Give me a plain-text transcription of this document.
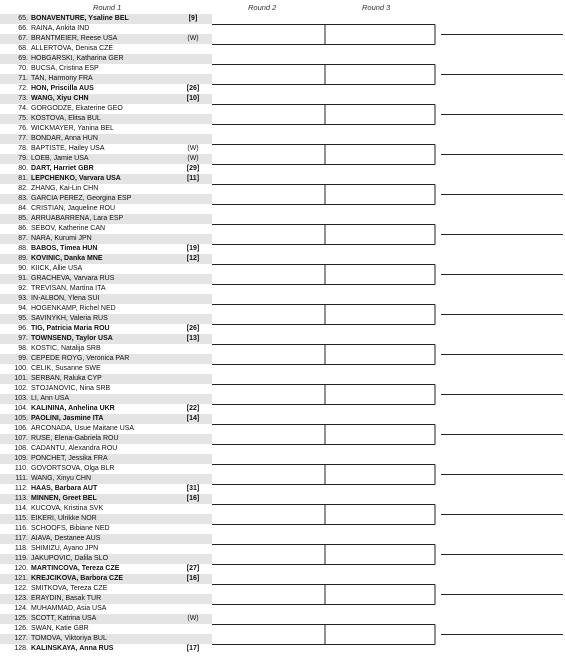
Round 1	Round 2	Round 3
65. BONAVENTURE, Ysaline BEL	[9]
66. RAINA, Ankita IND
67. BRANTMEIER, Reese USA	(W)
68. ALLERTOVA, Denisa CZE
69. HOBGARSKI, Katharina GER
70. BUCSA, Cristina ESP
71. TAN, Harmony FRA
72. HON, Priscilla AUS	[26]
73. WANG, Xiyu CHN	[10]
74. GORGODZE, Ekaterine GEO
75. KOSTOVA, Elitsa BUL
76. WICKMAYER, Yanina BEL
77. BONDAR, Anna HUN
78. BAPTISTE, Hailey USA	(W)
79. LOEB, Jamie USA	(W)
80. DART, Harriet GBR	[29]
81. LEPCHENKO, Varvara USA	[11]
82. ZHANG, Kai-Lin CHN
83. GARCIA PEREZ, Georgina ESP
84. CRISTIAN, Jaqueline ROU
85. ARRUABARRENA, Lara ESP
86. SEBOV, Katherine CAN
87. NARA, Kurumi JPN
88. BABOS, Timea HUN	[19]
89. KOVINIC, Danka MNE	[12]
90. KIICK, Allie USA
91. GRACHEVA, Varvara RUS
92. TREVISAN, Martina ITA
93. IN-ALBON, Ylena SUI
94. HOGENKAMP, Richel NED
95. SAVINYKH, Valeria RUS
96. TIG, Patricia Maria ROU	[26]
97. TOWNSEND, Taylor USA	[13]
98. KOSTIC, Natalija SRB
99. CEPEDE ROYG, Veronica PAR
100. CELIK, Susanne SWE
101. SERBAN, Raluka CYP
102. STOJANOVIC, Nina SRB
103. LI, Ann USA
104. KALININA, Anhelina UKR	[22]
105. PAOLINI, Jasmine ITA	[14]
106. ARCONADA, Usue Maitane USA
107. RUSE, Elena-Gabriela ROU
108. CADANTU, Alexandra ROU
109. PONCHET, Jessika FRA
110. GOVORTSOVA, Olga BLR
111. WANG, Xinyu CHN
112. HAAS, Barbara AUT	[31]
113. MINNEN, Greet BEL	[16]
114. KUCOVA, Kristina SVK
115. EIKERI, Ulrikke NOR
116. SCHOOFS, Bibiane NED
117. AIAVA, Destanee AUS
118. SHIMIZU, Ayano JPN
119. JAKUPOVIC, Dalila SLO
120. MARTINCOVA, Tereza CZE	[27]
121. KREJCIKOVA, Barbora CZE	[16]
122. SMITKOVA, Tereza CZE
123. ERAYDIN, Basak TUR
124. MUHAMMAD, Asia USA
125. SCOTT, Katrina USA	(W)
126. SWAN, Katie GBR
127. TOMOVA, Viktoriya BUL
128. KALINSKAYA, Anna RUS	[17]
